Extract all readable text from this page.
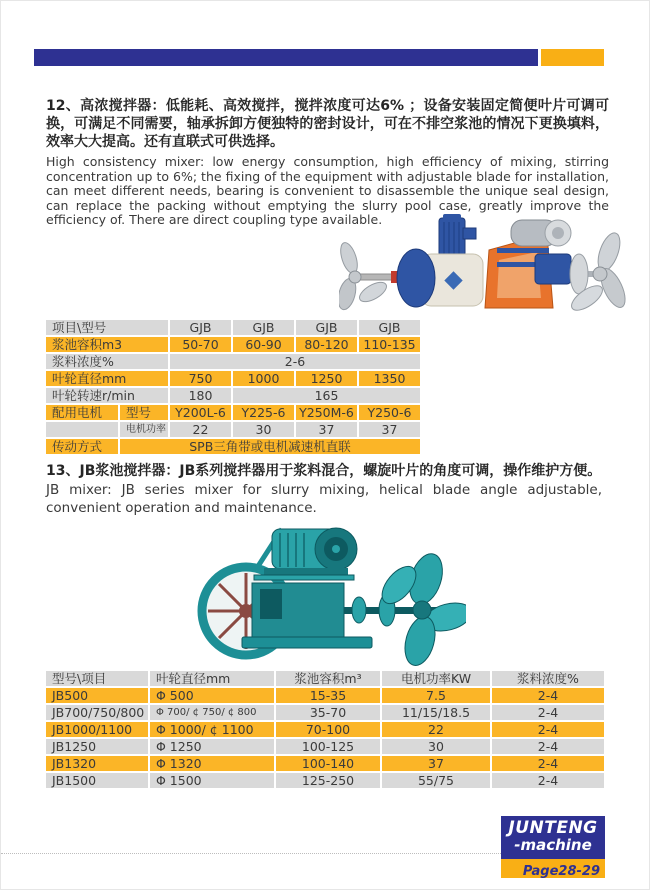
12、高浓搅拌器：低能耗、高效搅拌，搅拌浓度可达6% ；设备安装固定简便叶片可调可换，可满足不同需要，轴承拆卸方便独特的密封设计，可在不排空浆池的情况下更换填料，效率大大提高。还有直联式可供选择。
High consistency mixer: low energy consumption, high efficiency of mixing, stirring concentration up to 6%; the fixing of the equipment with adjustable blade for installation, can meet different needs, bearing is convenient to disassemble the unique seal design, can replace the packing without emptying the slurry pool case, greatly improve the efficiency of. There are direct coupling type available.
项目\型号		GJB	GJB	GJB	GJB
浆池容积m3		50-70	60-90	80-120	110-135
浆料浓度%		2-6			
叶轮直径mm		750	1000	1250	1350
叶轮转速r/min		180	165		
配用电机	型号	Y200L-6	Y225-6	Y250M-6	Y250-6
	电机功率	22	30	37	37
传动方式	SPB三角带或电机减速机直联				
13、JB浆池搅拌器：JB系列搅拌器用于浆料混合，螺旋叶片的角度可调，操作维护方便。
JB mixer: JB series mixer for slurry mixing, helical blade angle adjustable, convenient operation and maintenance.
型号\项目	叶轮直径mm	浆池容积m³	电机功率KW	浆料浓度%
JB500	Φ 500	15-35	7.5	2-4
JB700/750/800	Φ 700/ ¢ 750/ ¢ 800	35-70	11/15/18.5	2-4
JB1000/1100	Φ 1000/ ¢ 1100	70-100	22	2-4
JB1250	Φ 1250	100-125	30	2-4
JB1320	Φ 1320	100-140	37	2-4
JB1500	Φ 1500	125-250	55/75	2-4
JUNTENG
-machine
Page28-29
